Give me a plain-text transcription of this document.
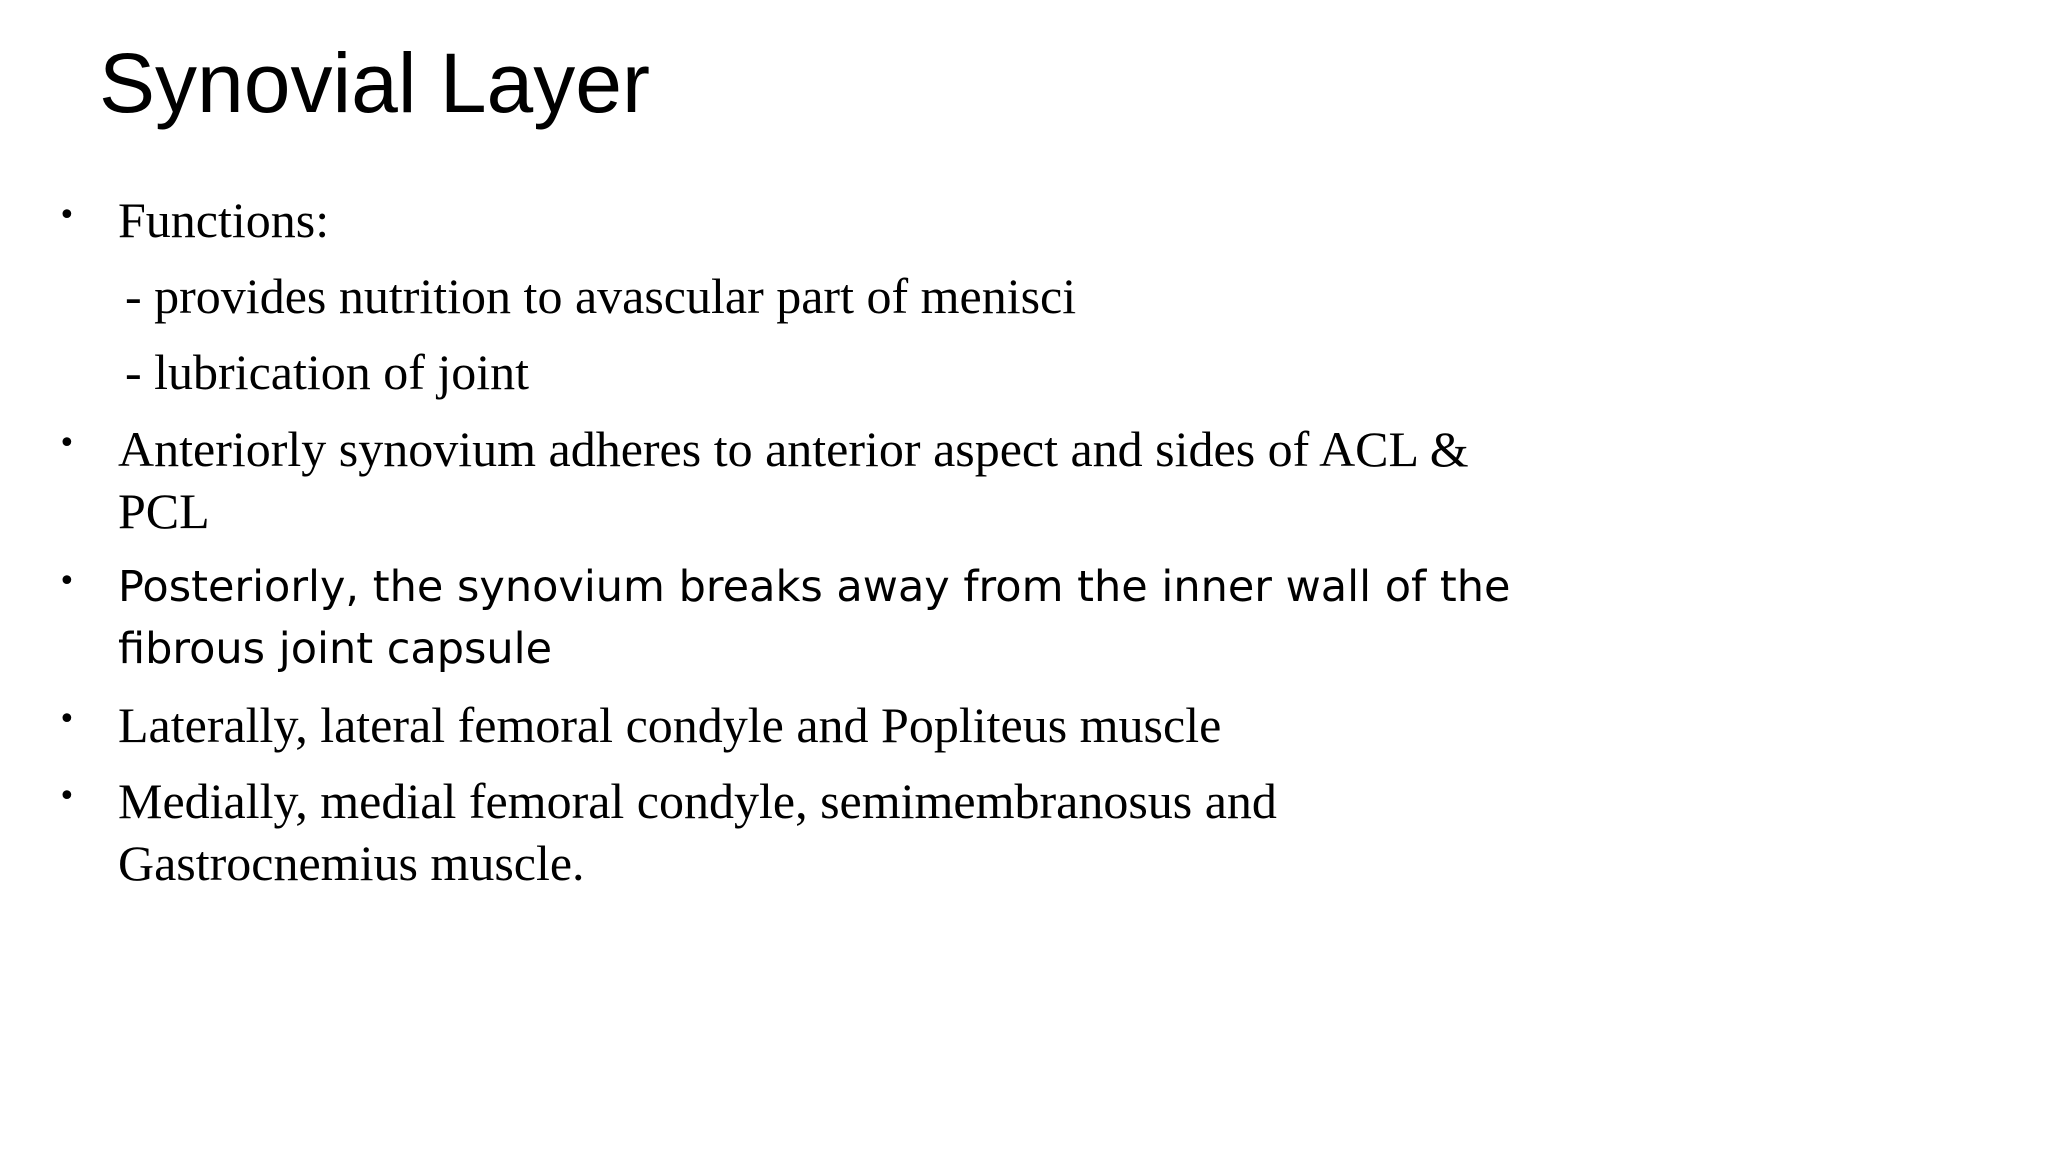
Synovial Layer
• Functions:
- provides nutrition to avascular part of menisci
- lubrication of joint
• Anteriorly synovium adheres to anterior aspect and sides of ACL &
PCL
• Posteriorly, the synovium breaks away from the inner wall of the
fibrous joint capsule
• Laterally, lateral femoral condyle and Popliteus muscle
• Medially, medial femoral condyle, semimembranosus and
Gastrocnemius muscle.
